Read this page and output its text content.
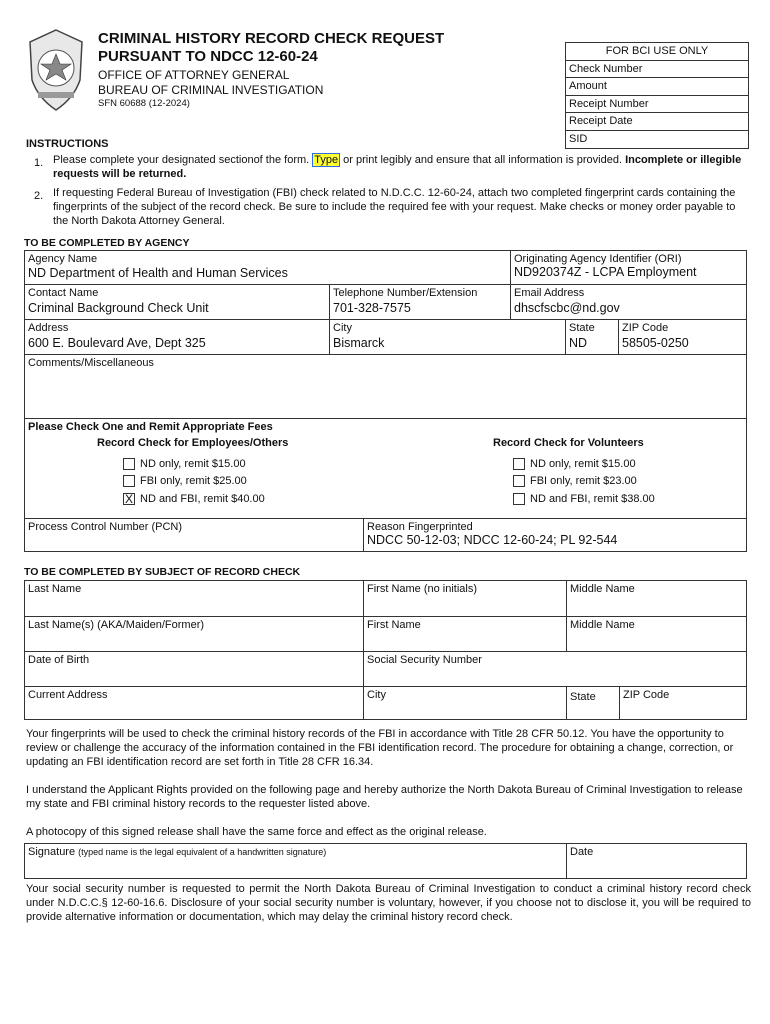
CRIMINAL HISTORY RECORD CHECK REQUEST
PURSUANT TO NDCC 12-60-24
OFFICE OF ATTORNEY GENERAL
BUREAU OF CRIMINAL INVESTIGATION
SFN 60688 (12-2024)
FOR BCI USE ONLY
Check Number
Amount
Receipt Number
Receipt Date
SID
INSTRUCTIONS
1. Please complete your designated sectionof the form. Type or print legibly and ensure that all information is provided. Incomplete or illegible requests will be returned.
2. If requesting Federal Bureau of Investigation (FBI) check related to N.D.C.C. 12-60-24, attach two completed fingerprint cards containing the fingerprints of the subject of the record check. Be sure to include the required fee with your request. Make checks or money order payable to the North Dakota Attorney General.
TO BE COMPLETED BY AGENCY
Agency Name
ND Department of Health and Human Services
Originating Agency Identifier (ORI)
ND920374Z - LCPA Employment
Contact Name
Criminal Background Check Unit
Telephone Number/Extension
701-328-7575
Email Address
dhscfscbc@nd.gov
Address
600 E. Boulevard Ave, Dept 325
City
Bismarck
State
ND
ZIP Code
58505-0250
Comments/Miscellaneous
Please Check One and Remit Appropriate Fees
Record Check for Employees/Others	Record Check for Volunteers
ND only, remit $15.00
FBI only, remit $25.00
X ND and FBI, remit $40.00
ND only, remit $15.00
FBI only, remit $23.00
ND and FBI, remit $38.00
Process Control Number (PCN)	Reason Fingerprinted
NDCC 50-12-03; NDCC 12-60-24; PL 92-544
TO BE COMPLETED BY SUBJECT OF RECORD CHECK
Last Name	First Name (no initials)	Middle Name
Last Name(s) (AKA/Maiden/Former)	First Name	Middle Name
Date of Birth	Social Security Number
Current Address	City	State ZIP Code
Your fingerprints will be used to check the criminal history records of the FBI in accordance with Title 28 CFR 50.12. You have the opportunity to review or challenge the accuracy of the information contained in the FBI identification record. The procedure for obtaining a change, correction, or updating an FBI identification record are set forth in Title 28 CFR 16.34.
I understand the Applicant Rights provided on the following page and hereby authorize the North Dakota Bureau of Criminal Investigation to release my state and FBI criminal history records to the requester listed above.
A photocopy of this signed release shall have the same force and effect as the original release.
Signature (typed name is the legal equivalent of a handwritten signature)	Date
Your social security number is requested to permit the North Dakota Bureau of Criminal Investigation to conduct a criminal history record check under N.D.C.C.§ 12-60-16.6. Disclosure of your social security number is voluntary, however, if you choose not to disclose it, you will be required to provide alternative information or documentation, which may delay the criminal history record check.
